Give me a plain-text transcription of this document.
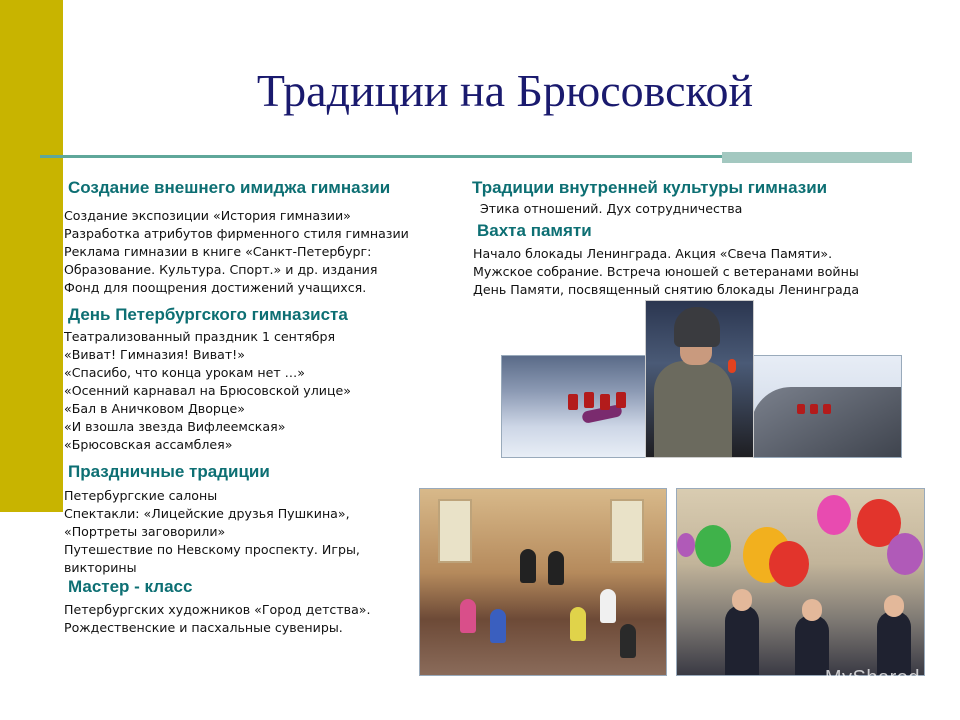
Традиции на Брюсовской
Создание внешнего имиджа гимназии
Создание экспозиции «История гимназии»
Разработка атрибутов фирменного стиля гимназии
Реклама гимназии в книге «Санкт-Петербург:
Образование. Культура. Спорт.» и др. издания
Фонд для поощрения достижений учащихся.
День Петербургского гимназиста
Театрализованный праздник 1 сентября
«Виват! Гимназия! Виват!»
«Спасибо, что конца урокам нет …»
«Осенний карнавал на Брюсовской улице»
«Бал в Аничковом Дворце»
«И взошла звезда Вифлеемская»
«Брюсовская ассамблея»
Праздничные традиции
Петербургские салоны
Спектакли: «Лицейские друзья Пушкина»,
«Портреты заговорили»
Путешествие по Невскому проспекту. Игры,
викторины
Мастер - класс
Петербургских художников «Город детства».
Рождественские и пасхальные сувениры.
Традиции внутренней культуры гимназии
Этика отношений. Дух сотрудничества
Вахта памяти
Начало блокады Ленинграда. Акция «Свеча Памяти».
Мужское собрание. Встреча юношей с ветеранами войны
День Памяти, посвященный снятию блокады Ленинграда
MyShared
